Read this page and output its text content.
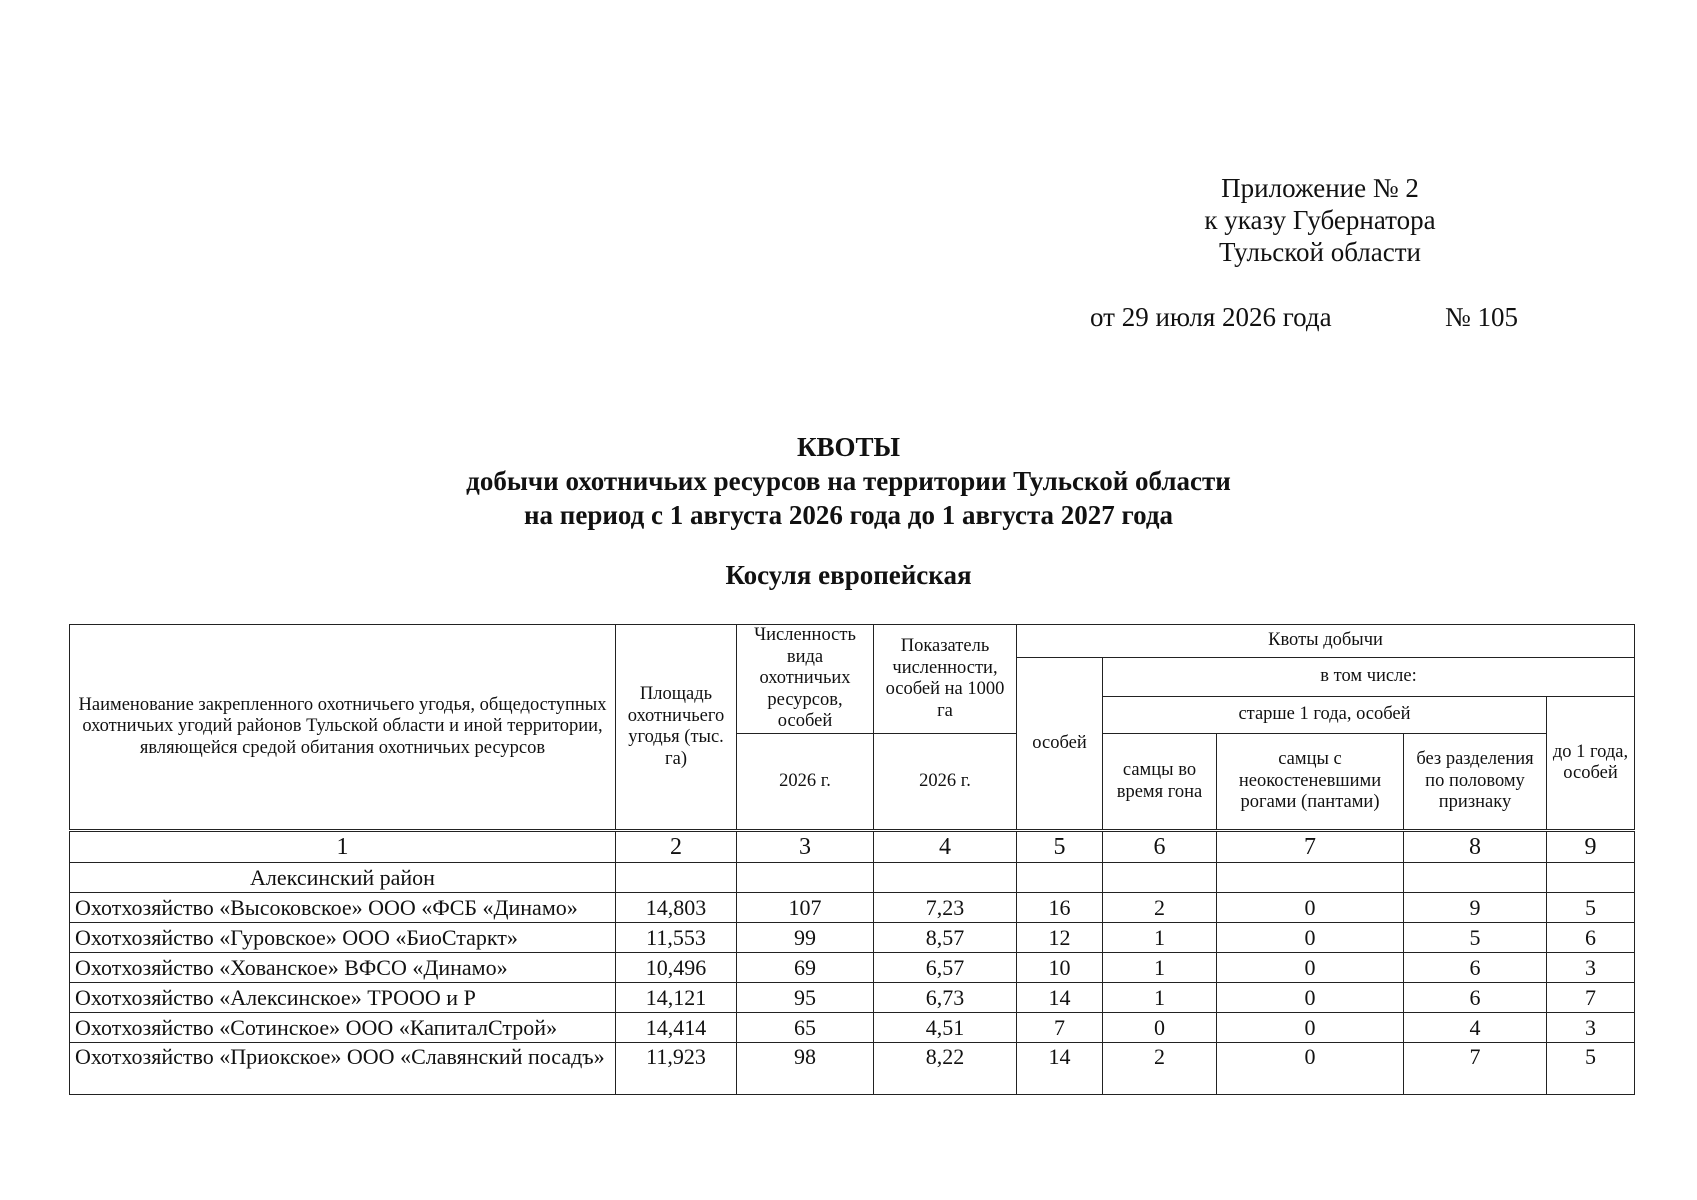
Приложение № 2
к указу Губернатора
Тульской области
от 29 июля 2026 года	№ 105
КВОТЫ
добычи охотничьих ресурсов на территории Тульской области
на период с 1 августа 2026 года до 1 августа 2027 года
Косуля европейская
Наименование закрепленного охотничьего угодья, общедоступных охотничьих угодий районов Тульской области и иной территории, являющейся средой обитания охотничьих ресурсов	Площадь охотничьего угодья (тыс. га)	Численность вида охотничьих ресурсов, особей	Показатель численности, особей на 1000 га	Квоты добычи				
				особей	в том числе:			
					старше 1 года, особей			до 1 года, особей
		2026 г.	2026 г.		самцы во время гона	самцы с неокостеневшими рогами (пантами)	без разделения по половому признаку	
1	2	3	4	5	6	7	8	9
Алексинский район								
Охотхозяйство «Высоковское» ООО «ФСБ «Динамо»	14,803	107	7,23	16	2	0	9	5
Охотхозяйство «Гуровское» ООО «БиоСтаркт»	11,553	99	8,57	12	1	0	5	6
Охотхозяйство «Хованское» ВФСО «Динамо»	10,496	69	6,57	10	1	0	6	3
Охотхозяйство «Алексинское» ТРООО и Р	14,121	95	6,73	14	1	0	6	7
Охотхозяйство «Сотинское» ООО «КапиталСтрой»	14,414	65	4,51	7	0	0	4	3
Охотхозяйство «Приокское» ООО «Славянский посадъ»	11,923	98	8,22	14	2	0	7	5
